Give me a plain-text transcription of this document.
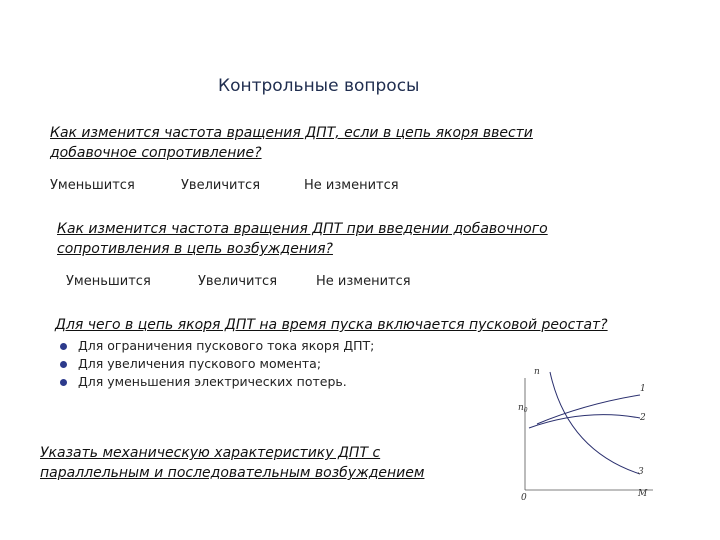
Контрольные вопросы
Как изменится частота вращения ДПТ, если в цепь якоря ввести добавочное сопротивление?
Уменьшится	Увеличится	Не изменится
Как изменится частота вращения ДПТ при введении добавочного сопротивления в цепь возбуждения?
Уменьшится	Увеличится	Не изменится
Для чего в цепь якоря ДПТ на время пуска включается пусковой реостат?
Для ограничения пускового тока якоря ДПТ;
Для увеличения пускового момента;
Для уменьшения электрических потерь.
Указать механическую характеристику ДПТ с параллельным и последовательным возбуждением
n
M
0
$n_0$
1
2
3
